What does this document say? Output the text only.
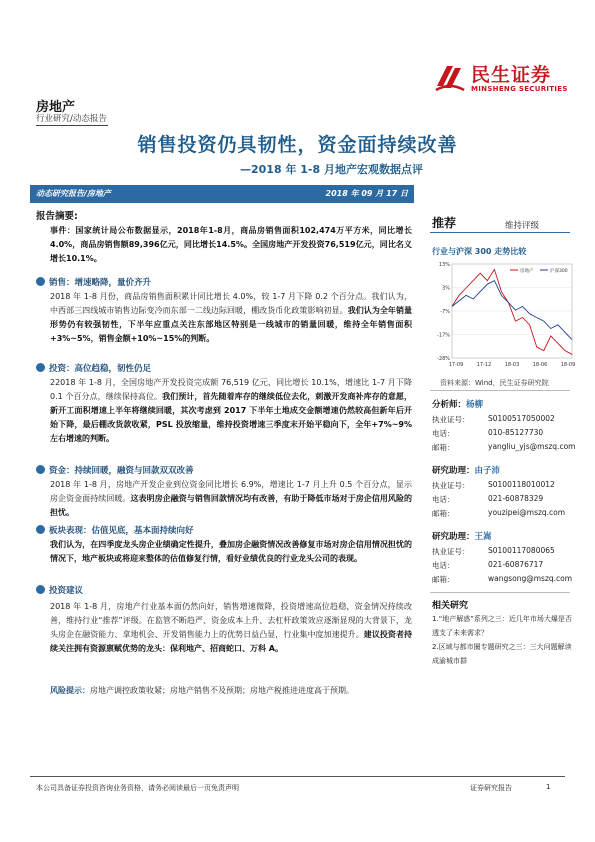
民生证券
MINSHENG SECURITIES
房地产
行业研究/动态报告
销售投资仍具韧性，资金面持续改善
—2018 年 1-8 月地产宏观数据点评
动态研究报告/房地产	2018 年 09 月 17 日
报告摘要:
事件：国家统计局公布数据显示，2018年1-8月，商品房销售面积102,474万平方米，同比增长4.0%，商品房销售额89,396亿元，同比增长14.5%。全国房地产开发投资76,519亿元，同比名义增长10.1%。
销售：增速略降，量价齐升
2018 年 1-8 月份，商品房销售面积累计同比增长 4.0%，较 1-7 月下降 0.2 个百分点。我们认为，中西部三四线城市销售边际变冷而东部一二线边际回暖，棚改货币化政策影响初显。我们认为全年销量形势仍有较强韧性，下半年应重点关注东部地区特别是一线城市的销量回暖，维持全年销售面积+3%~5%，销售金额+10%~15%的判断。
投资：高位趋稳，韧性仍足
22018 年 1-8 月，全国房地产开发投资完成额 76,519 亿元，同比增长 10.1%，增速比 1-7 月下降 0.1 个百分点，继续保持高位。我们预计，首先随着库存的继续低位去化，刺激开发商补库存的意愿，新开工面积增速上半年将继续回暖，其次考虑到 2017 下半年土地成交金额增速仍然较高但新年后开始下降，最后棚改货款收紧，PSL 投放缩量，维持投资增速三季度末开始平稳向下，全年+7%~9%左右增速的判断。
资金：持续回暖，融资与回款双双改善
2018 年 1-8 月，房地产开发企业到位资金同比增长 6.9%，增速比 1-7 月上升 0.5 个百分点，显示房企资金面持续回暖。这表明房企融资与销售回款情况均有改善，有助于降低市场对于房企信用风险的担忧。
板块表现：估值见底，基本面持续向好
我们认为，在四季度龙头房企业绩确定性提升，叠加房企融资情况改善修复市场对房企信用情况担忧的情况下，地产板块或将迎来整体的估值修复行情，看好业绩优良的行业龙头公司的表现。
投资建议
2018 年 1-8 月，房地产行业基本面仍然向好，销售增速微降，投资增速高位趋稳，资金情况持续改善，维持行业“推荐”评级。在监管不断趋严、资金成本上升、去杠杆政策效应逐渐显现的大背景下，龙头房企在融资能力、拿地机会、开发销售能力上的优势日益凸显，行业集中度加速提升。建议投资者持续关注拥有资源禀赋优势的龙头：保利地产、招商蛇口、万科 A。
风险提示：房地产调控政策收紧；房地产销售不及预期；房地产税推进进度高于预期。
推荐	维持评级
行业与沪深 300 走势比较
13%
3%
-7%
-17%
-28%
17-09	17-12	18-03	18-06	18-09
房地产	沪深300
资料来源：Wind，民生证券研究院
分析师：杨柳
执业证号： S0100517050002
电话：	010-85127730
邮箱：	yangliu_yjs@mszq.com
研究助理：由子沛
执业证号： S0100118010012
电话：	021-60878329
邮箱：	youzipei@mszq.com
研究助理：王嵩
执业证号： S0100117080065
电话：	021-60876717
邮箱：	wangsong@mszq.com
相关研究
1.“地产解惑”系列之三：近几年市场大爆是否透支了未来需求？
2.区域与都市圈专题研究之三：三大问题解读成渝城市群
本公司具备证券投资咨询业务资格，请务必阅读最后一页免责声明	证券研究报告	1
